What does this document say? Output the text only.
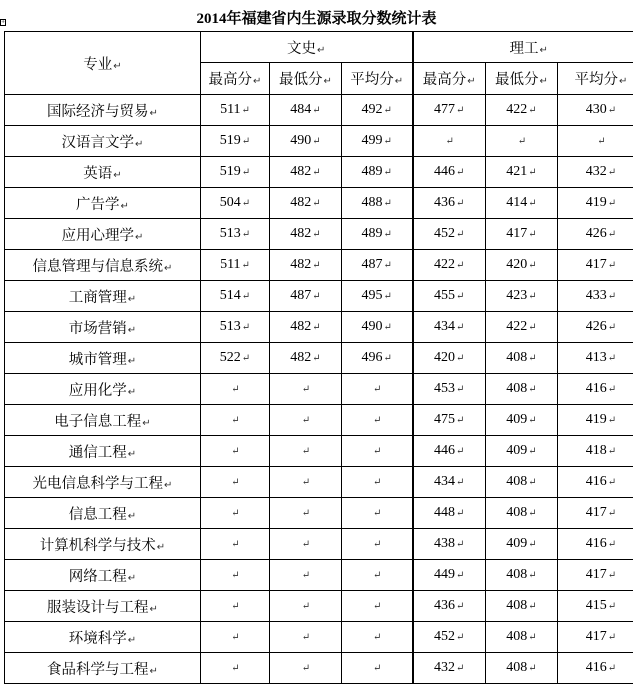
+	2014年福建省内生源录取分数统计表
专业↵	文史↵			理工↵		
	最高分↵	最低分↵	平均分↵	最高分↵	最低分↵	平均分↵
国际经济与贸易↵	511↵	484↵	492↵	477↵	422↵	430↵
汉语言文学↵	519↵	490↵	499↵	↵	↵	↵
英语↵	519↵	482↵	489↵	446↵	421↵	432↵
广告学↵	504↵	482↵	488↵	436↵	414↵	419↵
应用心理学↵	513↵	482↵	489↵	452↵	417↵	426↵
信息管理与信息系统↵	511↵	482↵	487↵	422↵	420↵	417↵
工商管理↵	514↵	487↵	495↵	455↵	423↵	433↵
市场营销↵	513↵	482↵	490↵	434↵	422↵	426↵
城市管理↵	522↵	482↵	496↵	420↵	408↵	413↵
应用化学↵	↵	↵	↵	453↵	408↵	416↵
电子信息工程↵	↵	↵	↵	475↵	409↵	419↵
通信工程↵	↵	↵	↵	446↵	409↵	418↵
光电信息科学与工程↵	↵	↵	↵	434↵	408↵	416↵
信息工程↵	↵	↵	↵	448↵	408↵	417↵
计算机科学与技术↵	↵	↵	↵	438↵	409↵	416↵
网络工程↵	↵	↵	↵	449↵	408↵	417↵
服装设计与工程↵	↵	↵	↵	436↵	408↵	415↵
环境科学↵	↵	↵	↵	452↵	408↵	417↵
食品科学与工程↵	↵	↵	↵	432↵	408↵	416↵
